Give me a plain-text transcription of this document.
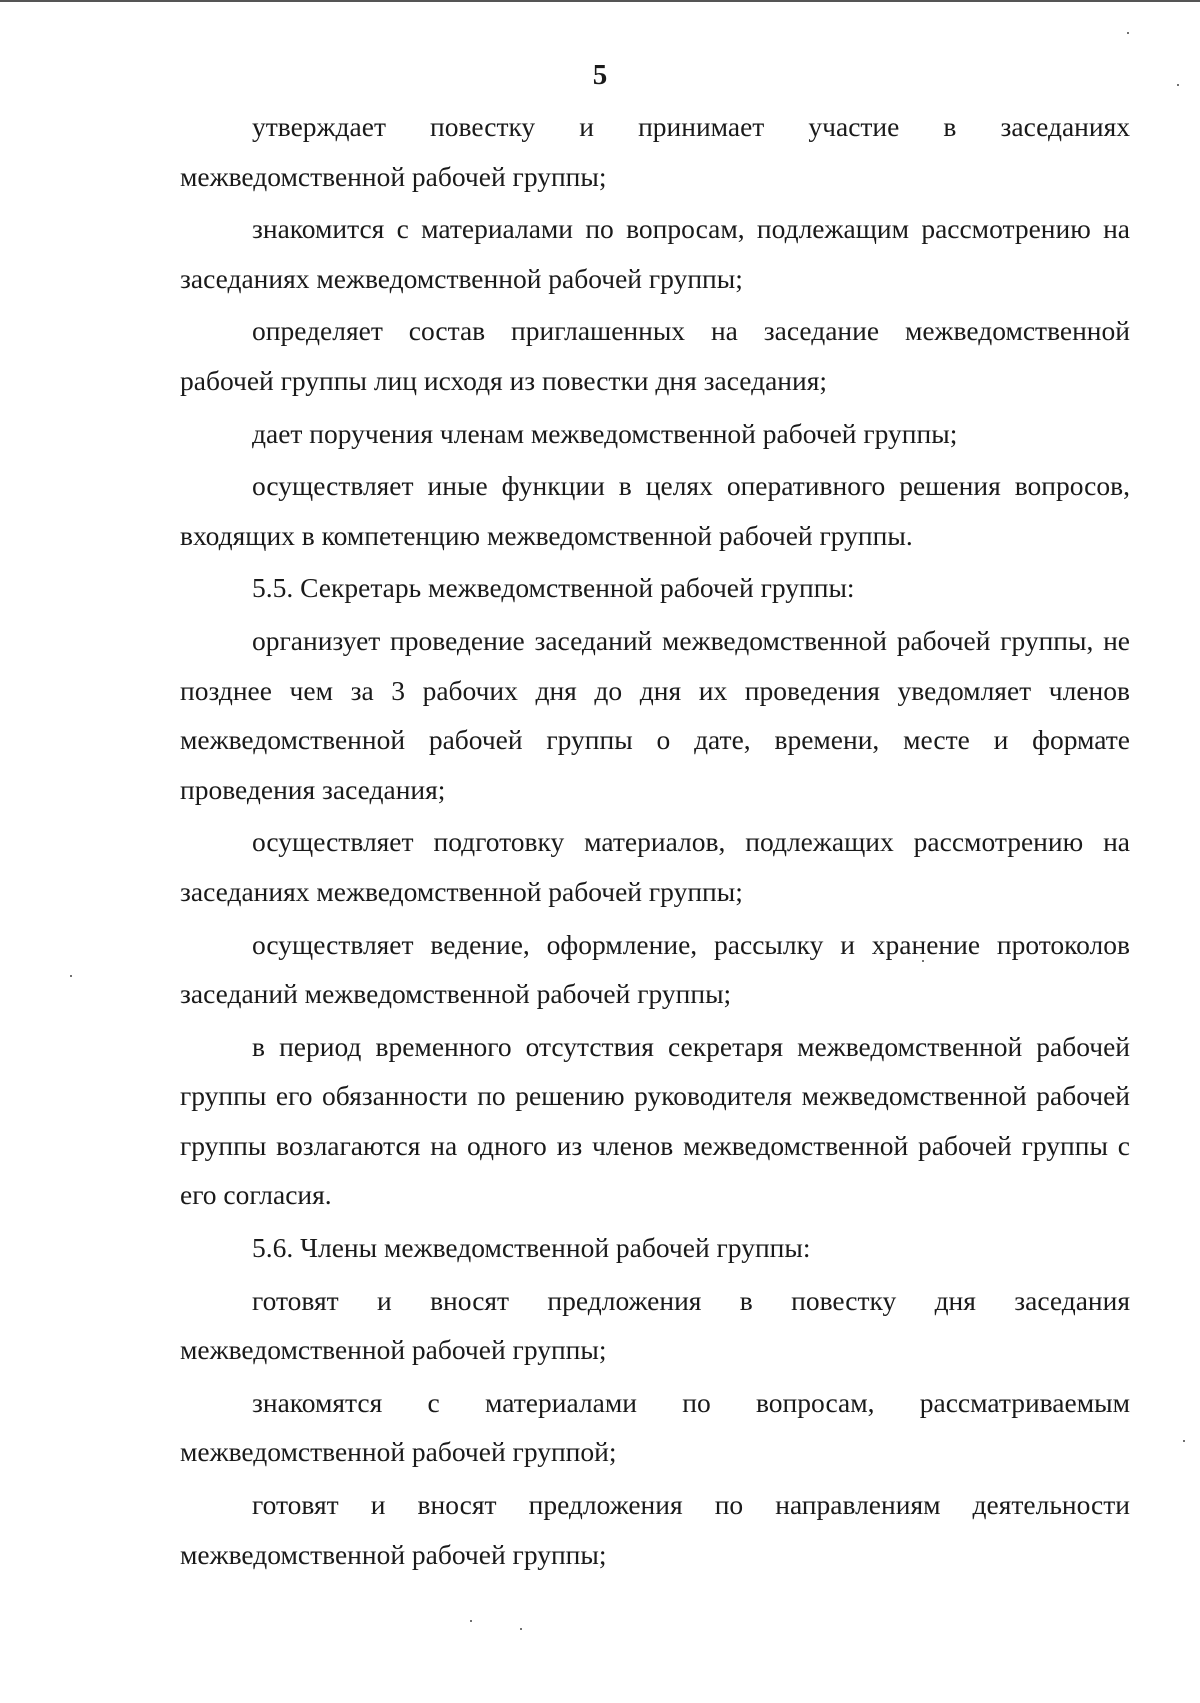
5

утверждает повестку и принимает участие в заседаниях межведомственной рабочей группы;

знакомится с материалами по вопросам, подлежащим рассмотрению на заседаниях межведомственной рабочей группы;

определяет состав приглашенных на заседание межведомственной рабочей группы лиц исходя из повестки дня заседания;

дает поручения членам межведомственной рабочей группы;

осуществляет иные функции в целях оперативного решения вопросов, входящих в компетенцию межведомственной рабочей группы.

5.5. Секретарь межведомственной рабочей группы:

организует проведение заседаний межведомственной рабочей группы, не позднее чем за 3 рабочих дня до дня их проведения уведомляет членов межведомственной рабочей группы о дате, времени, месте и формате проведения заседания;

осуществляет подготовку материалов, подлежащих рассмотрению на заседаниях межведомственной рабочей группы;

осуществляет ведение, оформление, рассылку и хранение протоколов заседаний межведомственной рабочей группы;

в период временного отсутствия секретаря межведомственной рабочей группы его обязанности по решению руководителя межведомственной рабочей группы возлагаются на одного из членов межведомственной рабочей группы с его согласия.

5.6. Члены межведомственной рабочей группы:

готовят и вносят предложения в повестку дня заседания межведомственной рабочей группы;

знакомятся с материалами по вопросам, рассматриваемым межведомственной рабочей группой;

готовят и вносят предложения по направлениям деятельности межведомственной рабочей группы;
